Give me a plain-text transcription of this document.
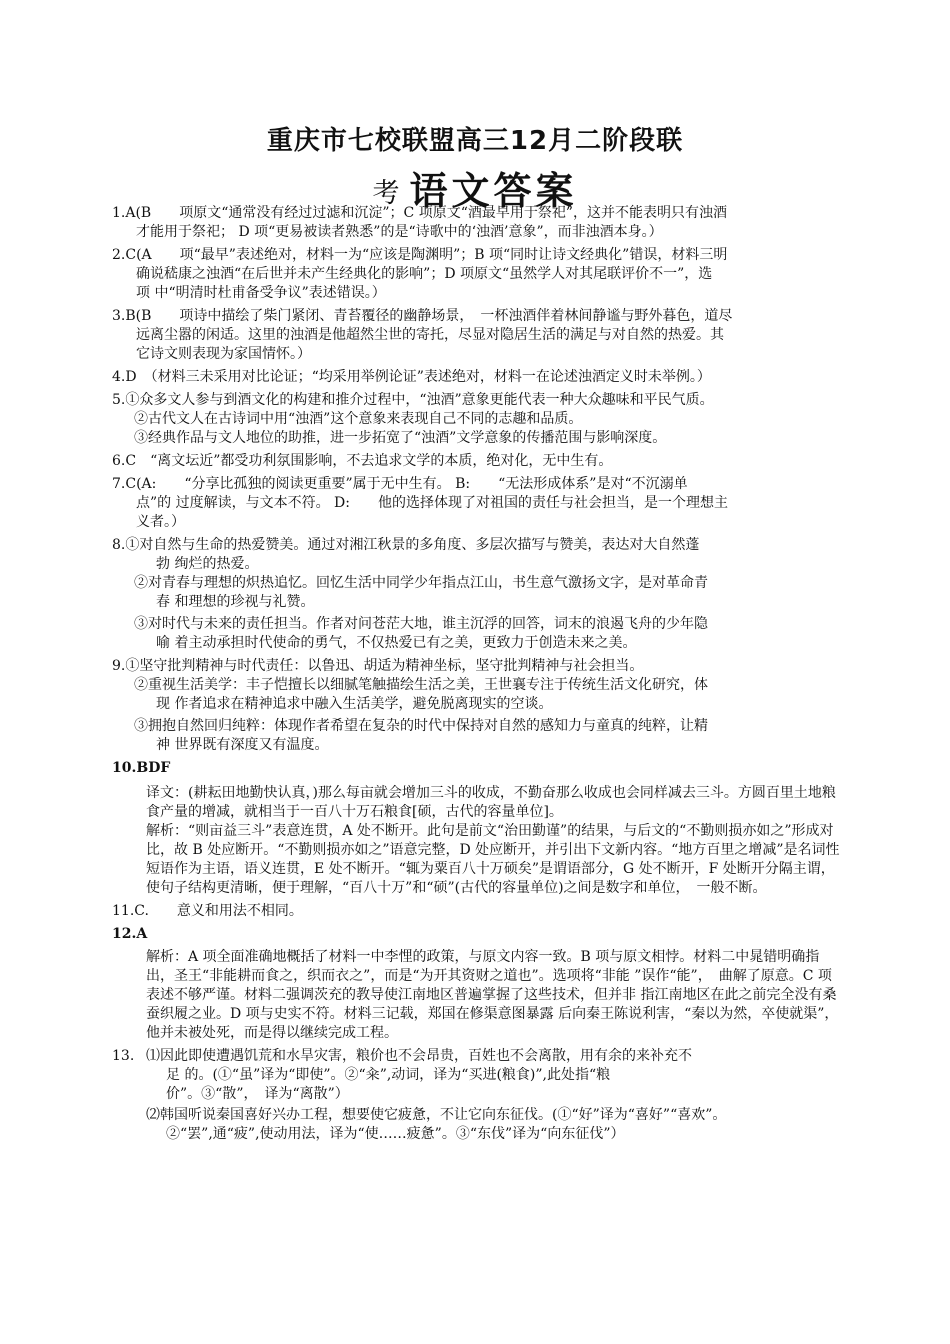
重庆市七校联盟高三12月二阶段联
考 语文答案

1.A(B　　项原文“通常没有经过过滤和沉淀”；C 项原文“酒最早用于祭祀”，这并不能表明只有浊酒

才能用于祭祀； D 项“更易被读者熟悉”的是“诗歌中的‘浊酒’意象”，而非浊酒本身。）

2.C(A　　项“最早”表述绝对，材料一为“应该是陶渊明”；B 项“同时让诗文经典化”错误，材料三明

确说嵇康之浊酒“在后世并未产生经典化的影响”；D 项原文“虽然学人对其尾联评价不一”，选

项 中“明清时杜甫备受争议”表述错误。）

3.B(B　　项诗中描绘了柴门紧闭、青苔覆径的幽静场景，　一杯浊酒伴着林间静谧与野外暮色，道尽

远离尘嚣的闲适。这里的浊酒是他超然尘世的寄托，尽显对隐居生活的满足与对自然的热爱。其

它诗文则表现为家国情怀。）

4.D　（材料三未采用对比论证；“均采用举例论证”表述绝对，材料一在论述浊酒定义时未举例。）

5.①众多文人参与到酒文化的构建和推介过程中，“浊酒”意象更能代表一种大众趣味和平民气质。

②古代文人在古诗词中用“浊酒”这个意象来表现自己不同的志趣和品质。

③经典作品与文人地位的助推，进一步拓宽了“浊酒”文学意象的传播范围与影响深度。

6.C　“离文坛近”都受功利氛围影响，不去追求文学的本质，绝对化，无中生有。

7.C(A:　　“分享比孤独的阅读更重要”属于无中生有。 B:　　“无法形成体系”是对“不沉溺单

点”的 过度解读，与文本不符。 D:　　他的选择体现了对祖国的责任与社会担当，是一个理想主

义者。）

8.①对自然与生命的热爱赞美。通过对湘江秋景的多角度、多层次描写与赞美，表达对大自然蓬

勃 绚烂的热爱。

②对青春与理想的炽热追忆。回忆生活中同学少年指点江山，书生意气激扬文字，是对革命青

春 和理想的珍视与礼赞。

③对时代与未来的责任担当。作者对问苍茫大地，谁主沉浮的回答，词末的浪遏飞舟的少年隐

喻 着主动承担时代使命的勇气，不仅热爱已有之美，更致力于创造未来之美。

9.①坚守批判精神与时代责任：以鲁迅、胡适为精神坐标，坚守批判精神与社会担当。

②重视生活美学：丰子恺擅长以细腻笔触描绘生活之美，王世襄专注于传统生活文化研究，体

现 作者追求在精神追求中融入生活美学，避免脱离现实的空谈。

③拥抱自然回归纯粹：体现作者希望在复杂的时代中保持对自然的感知力与童真的纯粹，让精

神 世界既有深度又有温度。

10.BDF

译文：(耕耘田地勤快认真，)那么每亩就会增加三斗的收成，不勤奋那么收成也会同样减去三斗。方圆百里土地粮食产量的增减，就相当于一百八十万石粮食[硕，古代的容量单位]。

解析：“则亩益三斗”表意连贯，A 处不断开。此句是前文“治田勤谨”的结果，与后文的“不勤则损亦如之”形成对比，故 B 处应断开。“不勤则损亦如之”语意完整，D 处应断开，并引出下文新内容。“地方百里之增减”是名词性短语作为主语，语义连贯，E 处不断开。“辄为粟百八十万硕矣”是谓语部分，G 处不断开，F 处断开分隔主谓，使句子结构更清晰，便于理解，“百八十万”和“硕”(古代的容量单位)之间是数字和单位，　一般不断。

11.C.　　意义和用法不相同。

12.A

解析：A 项全面准确地概括了材料一中李悝的政策，与原文内容一致。B 项与原文相悖。材料二中晁错明确指出，圣王“非能耕而食之，织而衣之”，而是“为开其资财之道也”。选项将“非能 ”误作“能”，　曲解了原意。C 项表述不够严谨。材料二强调茨充的教导使江南地区普遍掌握了这些技术，但并非 指江南地区在此之前完全没有桑蚕织履之业。D 项与史实不符。材料三记载，郑国在修渠意图暴露 后向秦王陈说利害，“秦以为然，卒使就渠”，他并未被处死，而是得以继续完成工程。

13. ⑴因此即使遭遇饥荒和水旱灾害，粮价也不会昂贵，百姓也不会离散，用有余的来补充不

足 的。(①“虽”译为“即使”。②“籴”,动词，译为“买进(粮食)”,此处指“粮

价”。③“散”，　译为“离散”）

⑵韩国听说秦国喜好兴办工程，想要使它疲惫，不让它向东征伐。(①“好”译为“喜好”“喜欢”。

②“罢”,通“疲”,使动用法，译为“使……疲惫”。③“东伐”译为“向东征伐”）
